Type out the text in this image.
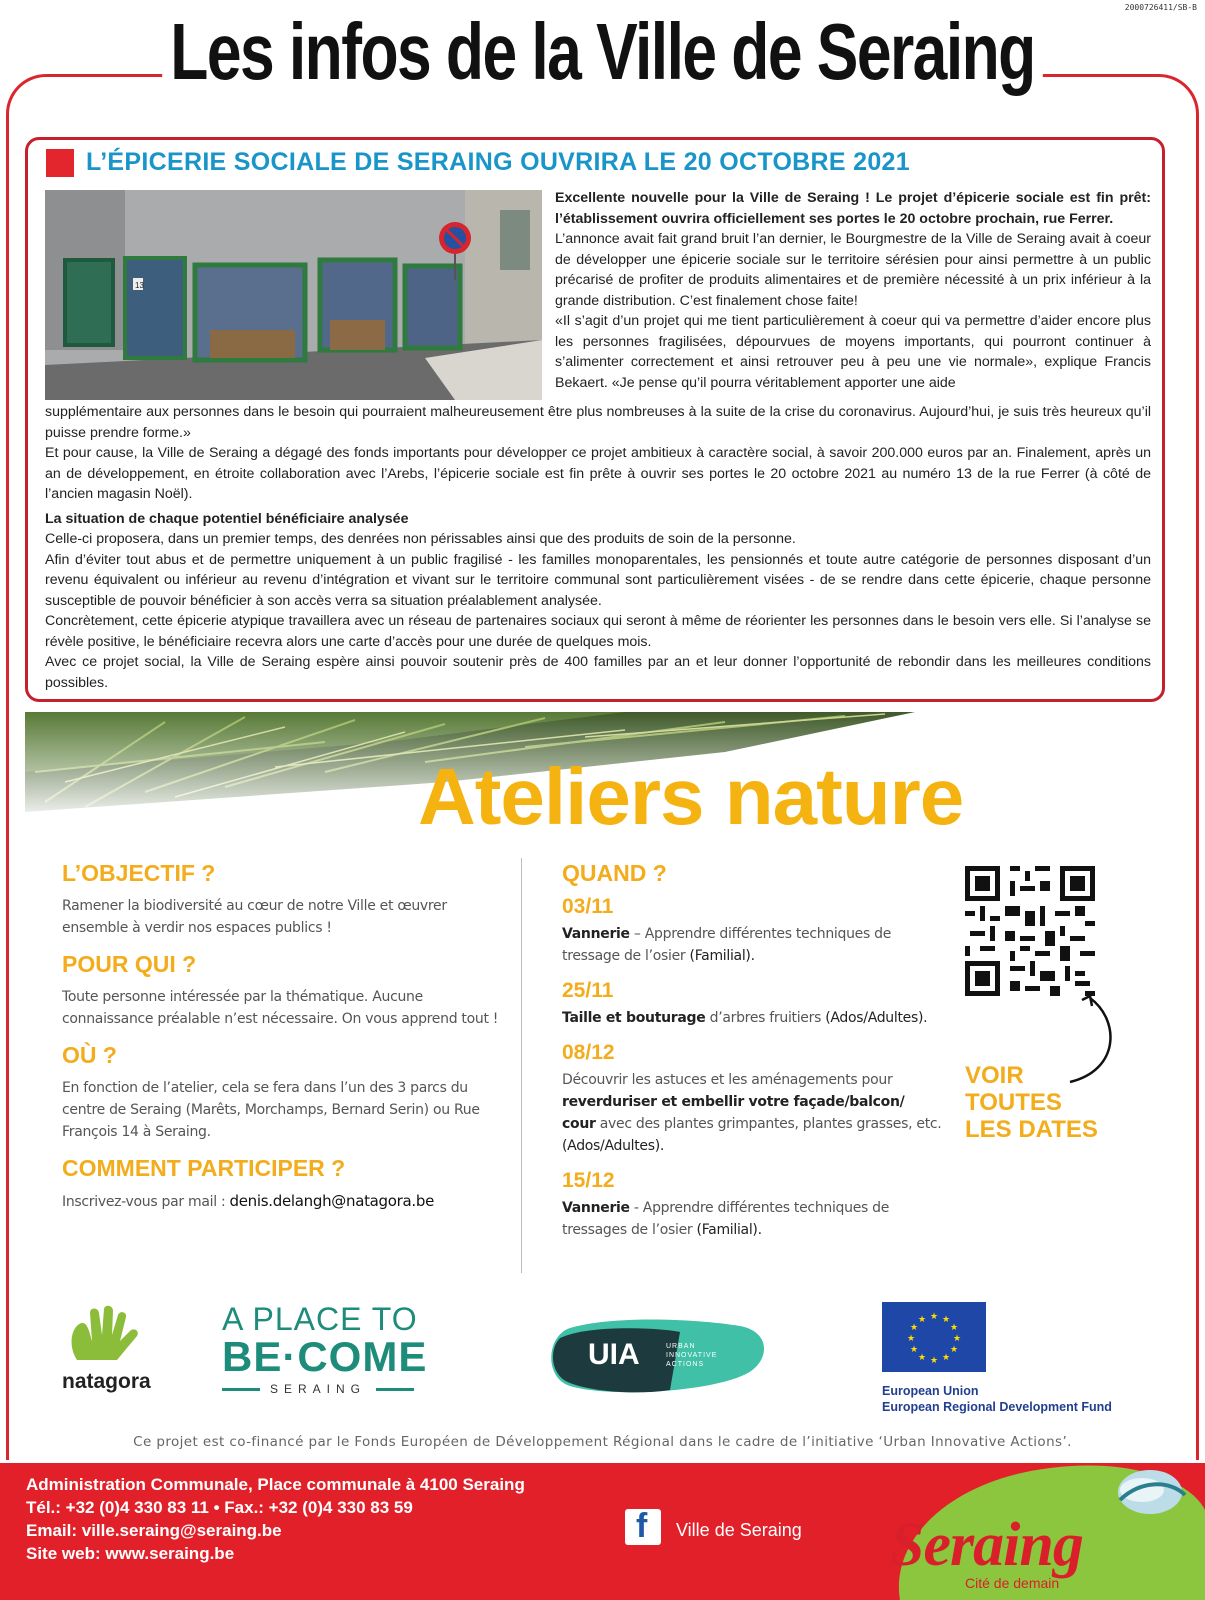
2000726411/SB-B
Les infos de la Ville de Seraing
L’ÉPICERIE SOCIALE DE SERAING OUVRIRA LE 20 OCTOBRE 2021
13
Excellente nouvelle pour la Ville de Seraing ! Le projet d’épicerie sociale est fin prêt: l’établissement ouvrira officiellement ses portes le 20 octobre prochain, rue Ferrer.
L’annonce avait fait grand bruit l’an dernier, le Bourgmestre de la Ville de Seraing avait à coeur de développer une épicerie sociale sur le territoire sérésien pour ainsi permettre à un public précarisé de profiter de produits alimentaires et de première nécessité à un prix inférieur à la grande distribution. C’est finalement chose faite!
«Il s’agit d’un projet qui me tient particulièrement à coeur qui va permettre d’aider encore plus les personnes fragilisées, dépourvues de moyens importants, qui pourront continuer à s’alimenter correctement et ainsi retrouver peu à peu une vie normale», explique Francis Bekaert. «Je pense qu’il pourra véritablement apporter une aide

supplémentaire aux personnes dans le besoin qui pourraient malheureusement être plus nombreuses à la suite de la crise du coronavirus. Aujourd’hui, je suis très heureux qu’il puisse prendre forme.»

Et pour cause, la Ville de Seraing a dégagé des fonds importants pour développer ce projet ambitieux à caractère social, à savoir 200.000 euros par an. Finalement, après un an de développement, en étroite collaboration avec l’Arebs, l’épicerie sociale est fin prête à ouvrir ses portes le 20 octobre 2021 au numéro 13 de la rue Ferrer (à côté de l’ancien magasin Noël).

La situation de chaque potentiel bénéficiaire analysée

Celle-ci proposera, dans un premier temps, des denrées non périssables ainsi que des produits de soin de la personne.

Afin d’éviter tout abus et de permettre uniquement à un public fragilisé - les familles monoparentales, les pensionnés et toute autre catégorie de personnes disposant d’un revenu équivalent ou inférieur au revenu d’intégration et vivant sur le territoire communal sont particulièrement visées - de se rendre dans cette épicerie, chaque personne susceptible de pouvoir bénéficier à son accès verra sa situation préalablement analysée.

Concrètement, cette épicerie atypique travaillera avec un réseau de partenaires sociaux qui seront à même de réorienter les personnes dans le besoin vers elle. Si l’analyse se révèle positive, le bénéficiaire recevra alors une carte d’accès pour une durée de quelques mois.

Avec ce projet social, la Ville de Seraing espère ainsi pouvoir soutenir près de 400 familles par an et leur donner l’opportunité de rebondir dans les meilleures conditions possibles.

Ateliers nature
L’OBJECTIF ?
Ramener la biodiversité au cœur de notre Ville et œuvrer ensemble à verdir nos espaces publics !
POUR QUI ?
Toute personne intéressée par la thématique. Aucune connaissance préalable n’est nécessaire. On vous apprend tout !
OÙ ?
En fonction de l’atelier, cela se fera dans l’un des 3 parcs du centre de Seraing (Marêts, Morchamps, Bernard Serin) ou Rue François 14 à Seraing.
COMMENT PARTICIPER ?
Inscrivez-vous par mail : denis.delangh@natagora.be
QUAND ?
03/11
Vannerie – Apprendre différentes techniques de tressage de l’osier (Familial).
25/11
Taille et bouturage d’arbres fruitiers (Ados/Adultes).
08/12
Découvrir les astuces et les aménagements pour reverduriser et embellir votre façade/balcon/ cour avec des plantes grimpantes, plantes grasses, etc. (Ados/Adultes).
15/12
Vannerie - Apprendre différentes techniques de tressages de l’osier (Familial).
VOIR
TOUTES
LES DATES
natagora
A PLACE TO
BE·COME
SERAING
UIA	URBAN
INNOVATIVE
ACTIONS
★ ★
★
★
★
★
★
★
★
★
★
★
European Union
European Regional Development Fund
Ce projet est co-financé par le Fonds Européen de Développement Régional dans le cadre de l’initiative ‘Urban Innovative Actions’.
Administration Communale, Place communale à 4100 Seraing
Tél.: +32 (0)4 330 83 11 • Fax.: +32 (0)4 330 83 59
Email: ville.seraing@seraing.be
Site web: www.seraing.be
f Ville de Seraing Seraing
Cité de demain
